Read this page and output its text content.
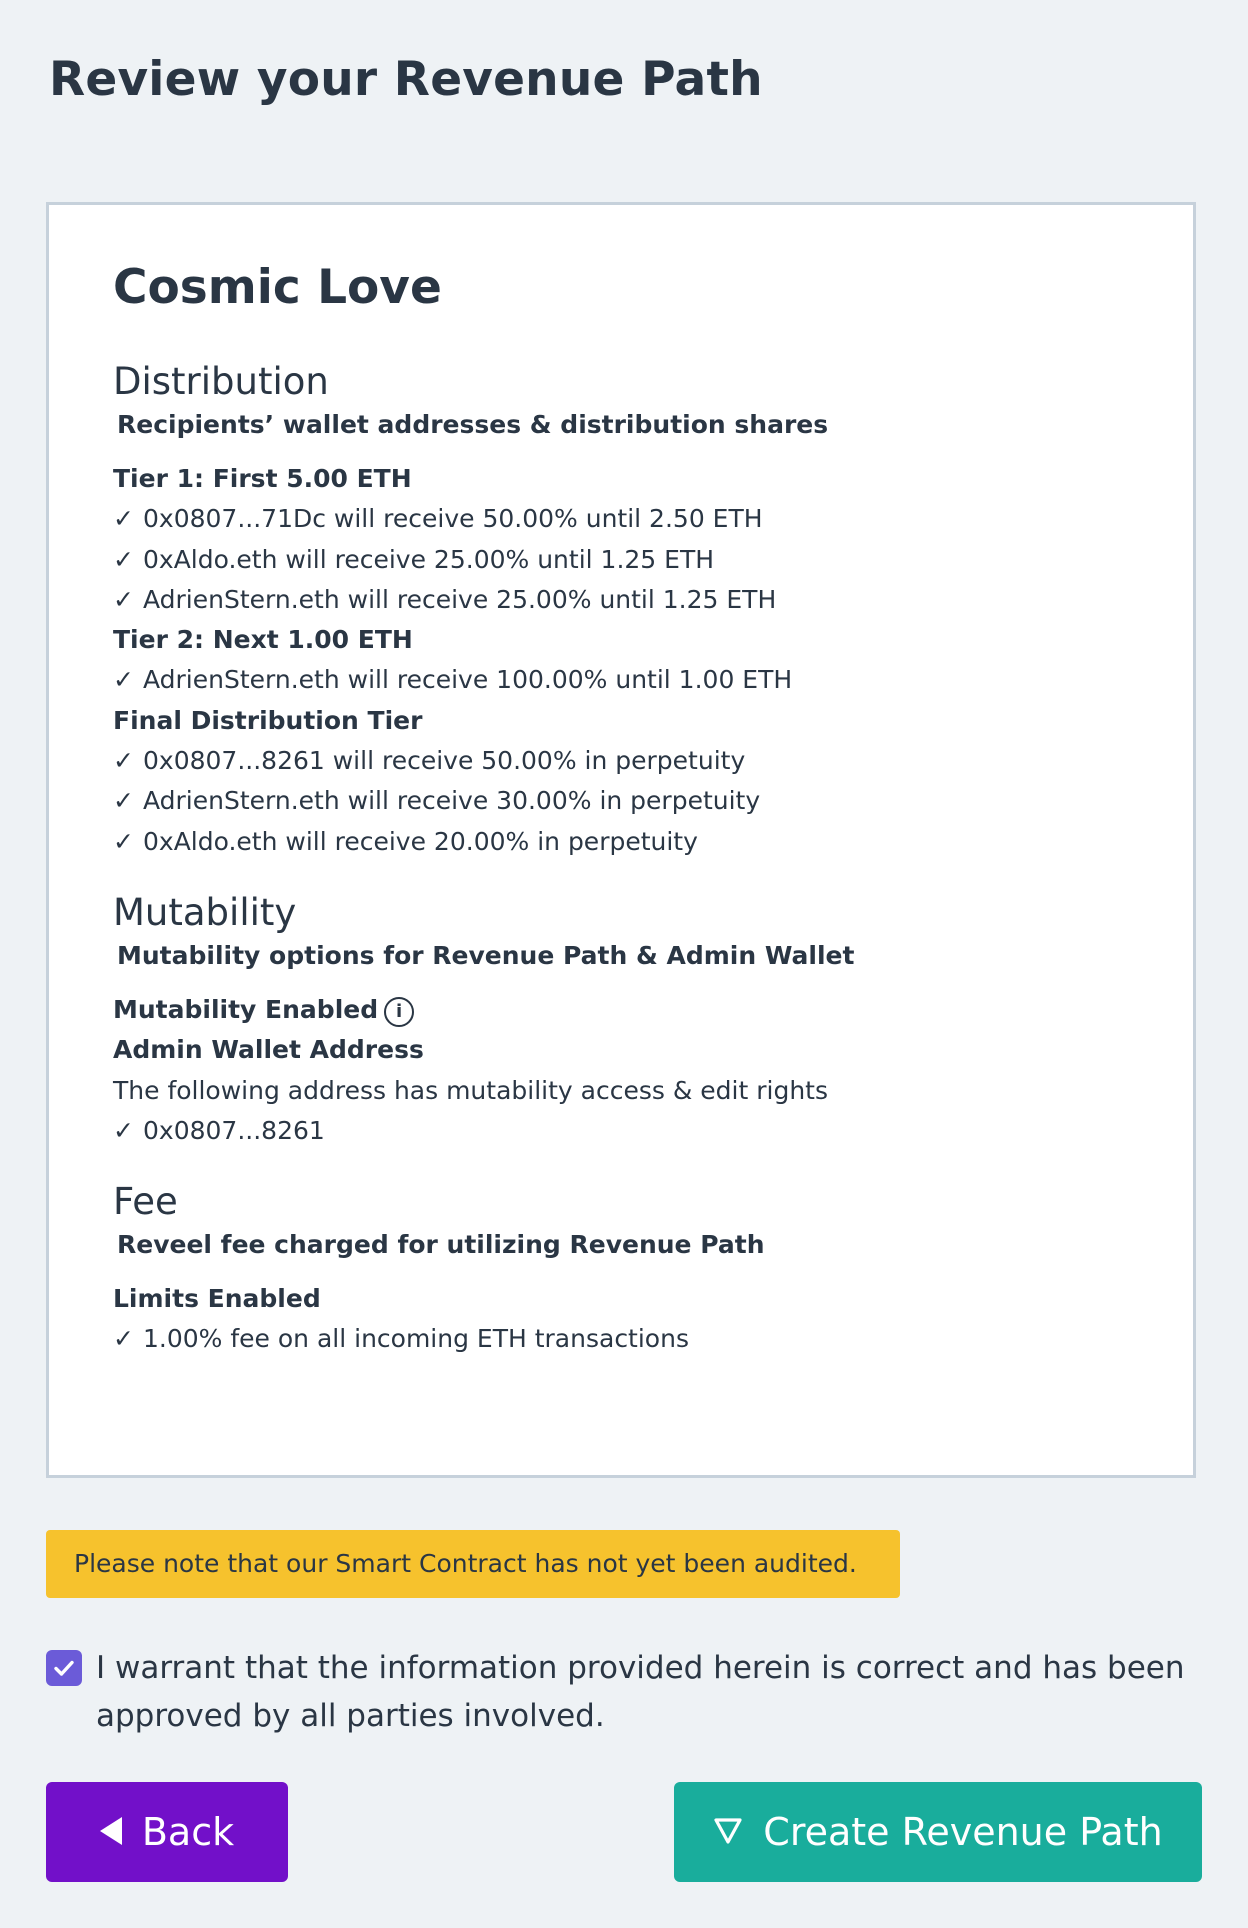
Review your Revenue Path
Cosmic Love
Distribution
Recipients’ wallet addresses & distribution shares
Tier 1: First 5.00 ETH
✓ 0x0807...71Dc will receive 50.00% until 2.50 ETH
✓ 0xAldo.eth will receive 25.00% until 1.25 ETH
✓ AdrienStern.eth will receive 25.00% until 1.25 ETH
Tier 2: Next 1.00 ETH
✓ AdrienStern.eth will receive 100.00% until 1.00 ETH
Final Distribution Tier
✓ 0x0807...8261 will receive 50.00% in perpetuity
✓ AdrienStern.eth will receive 30.00% in perpetuity
✓ 0xAldo.eth will receive 20.00% in perpetuity
Mutability
Mutability options for Revenue Path & Admin Wallet
Mutability Enabled i
Admin Wallet Address
The following address has mutability access & edit rights
✓ 0x0807...8261
Fee
Reveel fee charged for utilizing Revenue Path
Limits Enabled
✓ 1.00% fee on all incoming ETH transactions
Please note that our Smart Contract has not yet been audited.
I warrant that the information provided herein is correct and has been approved by all parties involved.
Back	Create Revenue Path
